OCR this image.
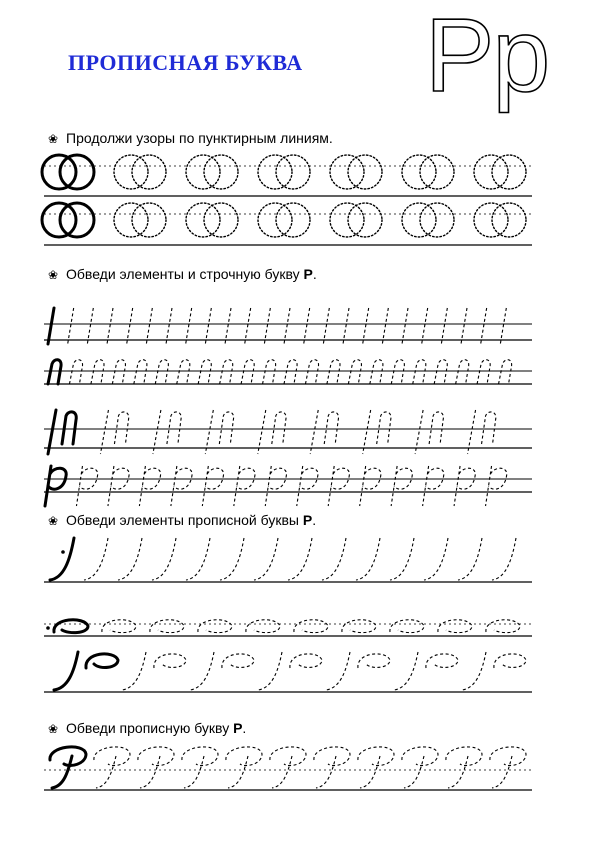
ПРОПИСНАЯ БУКВА Pp
❀ Продолжи узоры по пунктирным линиям.
❀ Обведи элементы и строчную букву Р.
❀ Обведи элементы прописной буквы Р.
❀ Обведи прописную букву Р.
